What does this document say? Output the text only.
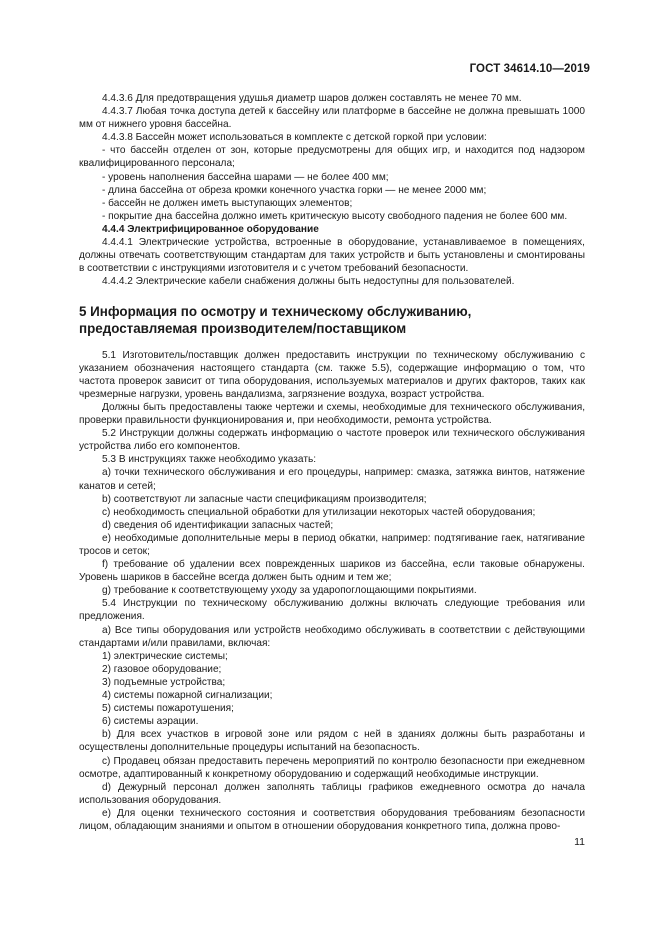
ГОСТ 34614.10—2019

4.4.3.6 Для предотвращения удушья диаметр шаров должен составлять не менее 70 мм.

4.4.3.7 Любая точка доступа детей к бассейну или платформе в бассейне не должна превышать 1000 мм от нижнего уровня бассейна.

4.4.3.8 Бассейн может использоваться в комплекте с детской горкой при условии:

- что бассейн отделен от зон, которые предусмотрены для общих игр, и находится под надзором квалифицированного персонала;

- уровень наполнения бассейна шарами — не более 400 мм;

- длина бассейна от обреза кромки конечного участка горки — не менее 2000 мм;

- бассейн не должен иметь выступающих элементов;

- покрытие дна бассейна должно иметь критическую высоту свободного падения не более 600 мм.

4.4.4 Электрифицированное оборудование

4.4.4.1 Электрические устройства, встроенные в оборудование, устанавливаемое в помещениях, должны отвечать соответствующим стандартам для таких устройств и быть установлены и смонтированы в соответствии с инструкциями изготовителя и с учетом требований безопасности.

4.4.4.2 Электрические кабели снабжения должны быть недоступны для пользователей.

5 Информация по осмотру и техническому обслуживанию,
предоставляемая производителем/поставщиком

5.1 Изготовитель/поставщик должен предоставить инструкции по техническому обслуживанию с указанием обозначения настоящего стандарта (см. также 5.5), содержащие информацию о том, что частота проверок зависит от типа оборудования, используемых материалов и других факторов, таких как чрезмерные нагрузки, уровень вандализма, загрязнение воздуха, возраст устройства.

Должны быть предоставлены также чертежи и схемы, необходимые для технического обслуживания, проверки правильности функционирования и, при необходимости, ремонта устройства.

5.2 Инструкции должны содержать информацию о частоте проверок или технического обслуживания устройства либо его компонентов.

5.3 В инструкциях также необходимо указать:

a) точки технического обслуживания и его процедуры, например: смазка, затяжка винтов, натяжение канатов и сетей;

b) соответствуют ли запасные части спецификациям производителя;

c) необходимость специальной обработки для утилизации некоторых частей оборудования;

d) сведения об идентификации запасных частей;

e) необходимые дополнительные меры в период обкатки, например: подтягивание гаек, натягивание тросов и сеток;

f) требование об удалении всех поврежденных шариков из бассейна, если таковые обнаружены. Уровень шариков в бассейне всегда должен быть одним и тем же;

g) требование к соответствующему уходу за ударопоглощающими покрытиями.

5.4 Инструкции по техническому обслуживанию должны включать следующие требования или предложения.

a) Все типы оборудования или устройств необходимо обслуживать в соответствии с действующими стандартами и/или правилами, включая:

1) электрические системы;

2) газовое оборудование;

3) подъемные устройства;

4) системы пожарной сигнализации;

5) системы пожаротушения;

6) системы аэрации.

b) Для всех участков в игровой зоне или рядом с ней в зданиях должны быть разработаны и осуществлены дополнительные процедуры испытаний на безопасность.

c) Продавец обязан предоставить перечень мероприятий по контролю безопасности при ежедневном осмотре, адаптированный к конкретному оборудованию и содержащий необходимые инструкции.

d) Дежурный персонал должен заполнять таблицы графиков ежедневного осмотра до начала использования оборудования.

e) Для оценки технического состояния и соответствия оборудования требованиям безопасности лицом, обладающим знаниями и опытом в отношении оборудования конкретного типа, должна прово-

11
